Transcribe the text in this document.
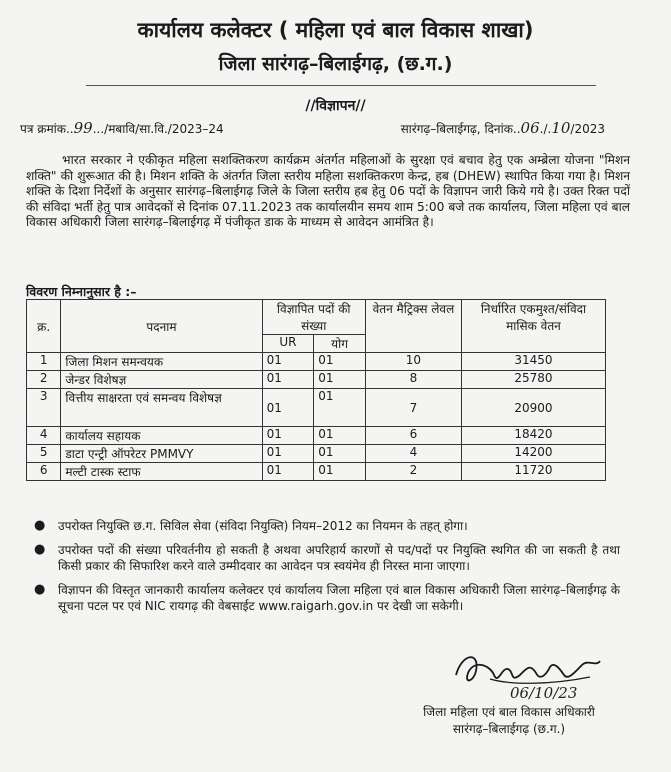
कार्यालय कलेक्टर ( महिला एवं बाल विकास शाखा)
जिला सारंगढ़–बिलाईगढ़, (छ.ग.)
//विज्ञापन//
पत्र क्रमांक..99.../मबावि/सा.वि./2023–24	सारंगढ़–बिलाईगढ़, दिनांक..06./.10/2023
भारत सरकार ने एकीकृत महिला सशक्तिकरण कार्यक्रम अंतर्गत महिलाओं के सुरक्षा एवं बचाव हेतु एक अम्ब्रेला योजना "मिशन शक्ति" की शुरूआत की है। मिशन शक्ति के अंतर्गत जिला स्तरीय महिला सशक्तिकरण केन्द्र, हब (DHEW) स्थापित किया गया है। मिशन शक्ति के दिशा निर्देशों के अनुसार सारंगढ़–बिलाईगढ़ जिले के जिला स्तरीय हब हेतु 06 पदों के विज्ञापन जारी किये गये है। उक्त रिक्त पदों की संविदा भर्ती हेतु पात्र आवेदकों से दिनांक 07.11.2023 तक कार्यालयीन समय शाम 5:00 बजे तक कार्यालय, जिला महिला एवं बाल विकास अधिकारी जिला सारंगढ़–बिलाईगढ़ में पंजीकृत डाक के माध्यम से आवेदन आमंत्रित है।
विवरण निम्नानुसार है :–
क्र.	पदनाम	विज्ञापित पदों की संख्या		वेतन मैट्रिक्स लेवल	निर्धारित एकमुश्त/संविदा मासिक वेतन
		UR	योग		
1	जिला मिशन समन्वयक	01	01	10	31450
2	जेन्डर विशेषज्ञ	01	01	8	25780
3	वित्तीय साक्षरता एवं समन्वय विशेषज्ञ	01	01	7	20900
4	कार्यालय सहायक	01	01	6	18420
5	डाटा एन्ट्री ऑपरेटर PMMVY	01	01	4	14200
6	मल्टी टास्क स्टाफ	01	01	2	11720
● उपरोक्त नियुक्ति छ.ग. सिविल सेवा (संविदा नियुक्ति) नियम–2012 का नियमन के तहत् होगा।
● उपरोक्त पदों की संख्या परिवर्तनीय हो सकती है अथवा अपरिहार्य कारणों से पद/पदों पर नियुक्ति स्थगित की जा सकती है तथा किसी प्रकार की सिफारिश करने वाले उम्मीदवार का आवेदन पत्र स्वयंमेव ही निरस्त माना जाएगा।
● विज्ञापन की विस्तृत जानकारी कार्यालय कलेक्टर एवं कार्यालय जिला महिला एवं बाल विकास अधिकारी जिला सारंगढ़–बिलाईगढ़ के सूचना पटल पर एवं NIC रायगढ़ की वेबसाईट www.raigarh.gov.in पर देखी जा सकेगी।
06/10/23
जिला महिला एवं बाल विकास अधिकारी
सारंगढ़–बिलाईगढ़ (छ.ग.)
